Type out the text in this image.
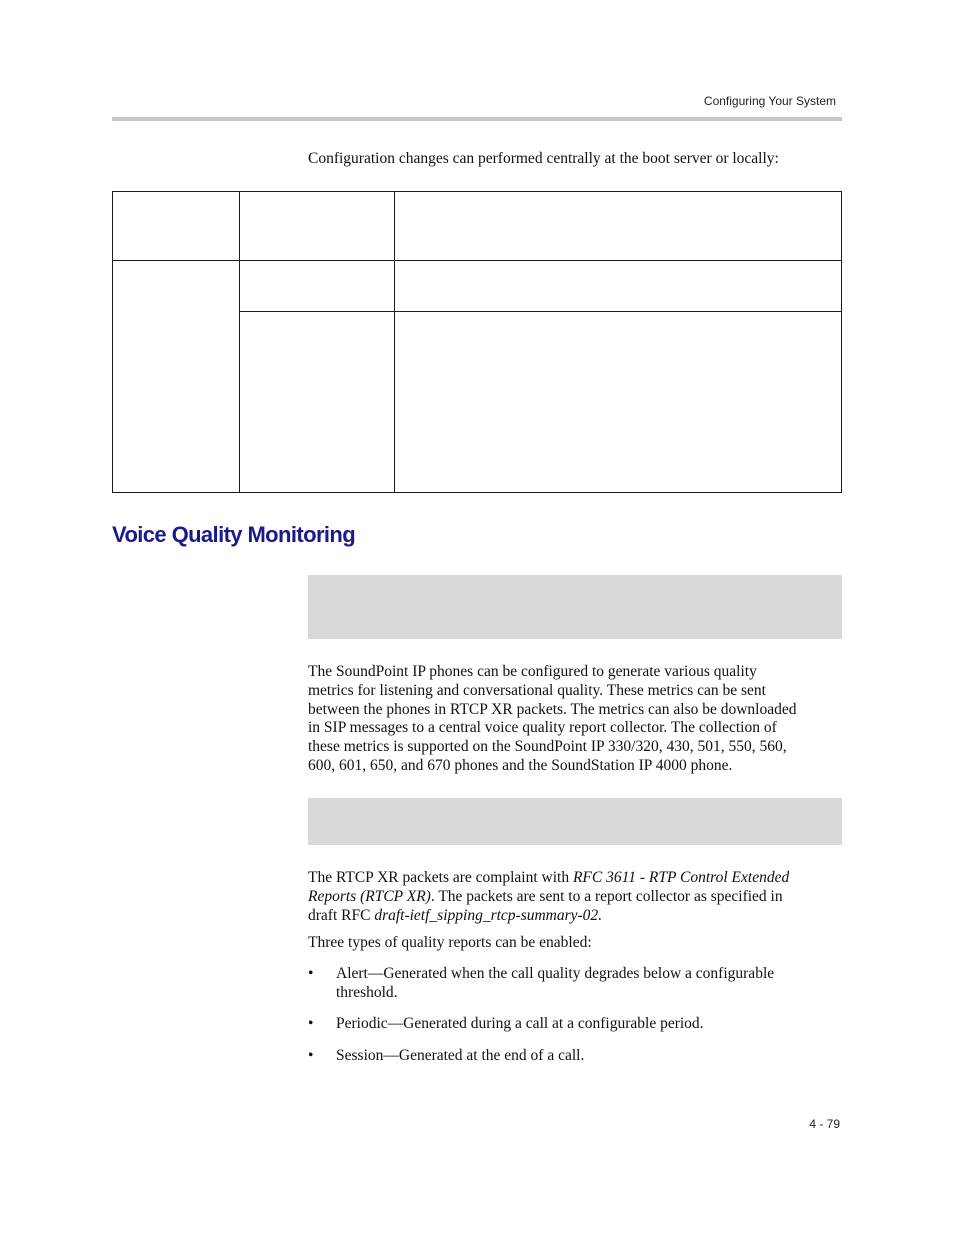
Configuring Your System
Configuration changes can performed centrally at the boot server or locally:
Voice Quality Monitoring
The SoundPoint IP phones can be configured to generate various quality
metrics for listening and conversational quality. These metrics can be sent
between the phones in RTCP XR packets. The metrics can also be downloaded
in SIP messages to a central voice quality report collector. The collection of
these metrics is supported on the SoundPoint IP 330/320, 430, 501, 550, 560,
600, 601, 650, and 670 phones and the SoundStation IP 4000 phone.
The RTCP XR packets are complaint with RFC 3611 - RTP Control Extended
Reports (RTCP XR). The packets are sent to a report collector as specified in
draft RFC draft-ietf_sipping_rtcp-summary-02.
Three types of quality reports can be enabled:
• Alert—Generated when the call quality degrades below a configurable
threshold.
• Periodic—Generated during a call at a configurable period.
• Session—Generated at the end of a call.
4 - 79
